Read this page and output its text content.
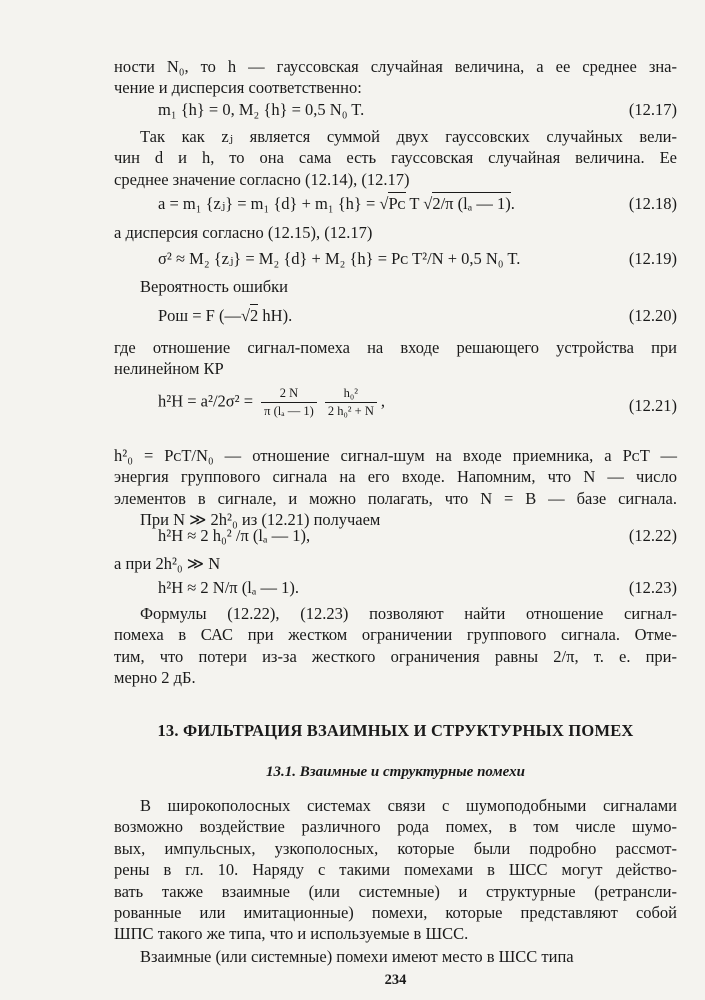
ности N₀, то h — гауссовская случайная величина, а ее среднее зна-
чение и дисперсия соответственно:
m₁ {h} = 0, M₂ {h} = 0,5 N₀ T.	(12.17)
Так как zⱼ является суммой двух гауссовских случайных вели-
чин d и h, то она сама есть гауссовская случайная величина. Ее
среднее значение согласно (12.14), (12.17)
a = m₁ {zⱼ} = m₁ {d} + m₁ {h} = √Pᴄ T √2/π (lₐ — 1).	(12.18)
а дисперсия согласно (12.15), (12.17)
σ² ≈ M₂ {zⱼ} = M₂ {d} + M₂ {h} = Pᴄ T²/N + 0,5 N₀ T.	(12.19)
Вероятность ошибки
Pош = F (—√2 hН).	(12.20)
где отношение сигнал-помеха на входе решающего устройства при
нелинейном КР
$h^2Н = a^2/2\sigma^2 = \frac{2 N}{\text{π (lₐ — 1)}} \frac{\text{h₀²}}{\text{2 h₀² + N}}$ ,	(12.21)
h²₀ = PᴄT/N₀ — отношение сигнал-шум на входе приемника, а PᴄT —
энергия группового сигнала на его входе. Напомним, что N — число
элементов в сигнале, и можно полагать, что N = B — базе сигнала.
При N ≫ 2h²₀ из (12.21) получаем
h²Н ≈ 2 h₀² /π (lₐ — 1),	(12.22)
а при 2h²₀ ≫ N
h²Н ≈ 2 N/π (lₐ — 1).	(12.23)
Формулы (12.22), (12.23) позволяют найти отношение сигнал-
помеха в САС при жестком ограничении группового сигнала. Отме-
тим, что потери из-за жесткого ограничения равны 2/π, т. е. при-
мерно 2 дБ.
13. ФИЛЬТРАЦИЯ ВЗАИМНЫХ И СТРУКТУРНЫХ ПОМЕХ
13.1. Взаимные и структурные помехи
В широкополосных системах связи с шумоподобными сигналами
возможно воздействие различного рода помех, в том числе шумо-
вых, импульсных, узкополосных, которые были подробно рассмот-
рены в гл. 10. Наряду с такими помехами в ШСС могут действо-
вать также взаимные (или системные) и структурные (ретрансли-
рованные или имитационные) помехи, которые представляют собой
ШПС такого же типа, что и используемые в ШСС.
Взаимные (или системные) помехи имеют место в ШСС типа
234
